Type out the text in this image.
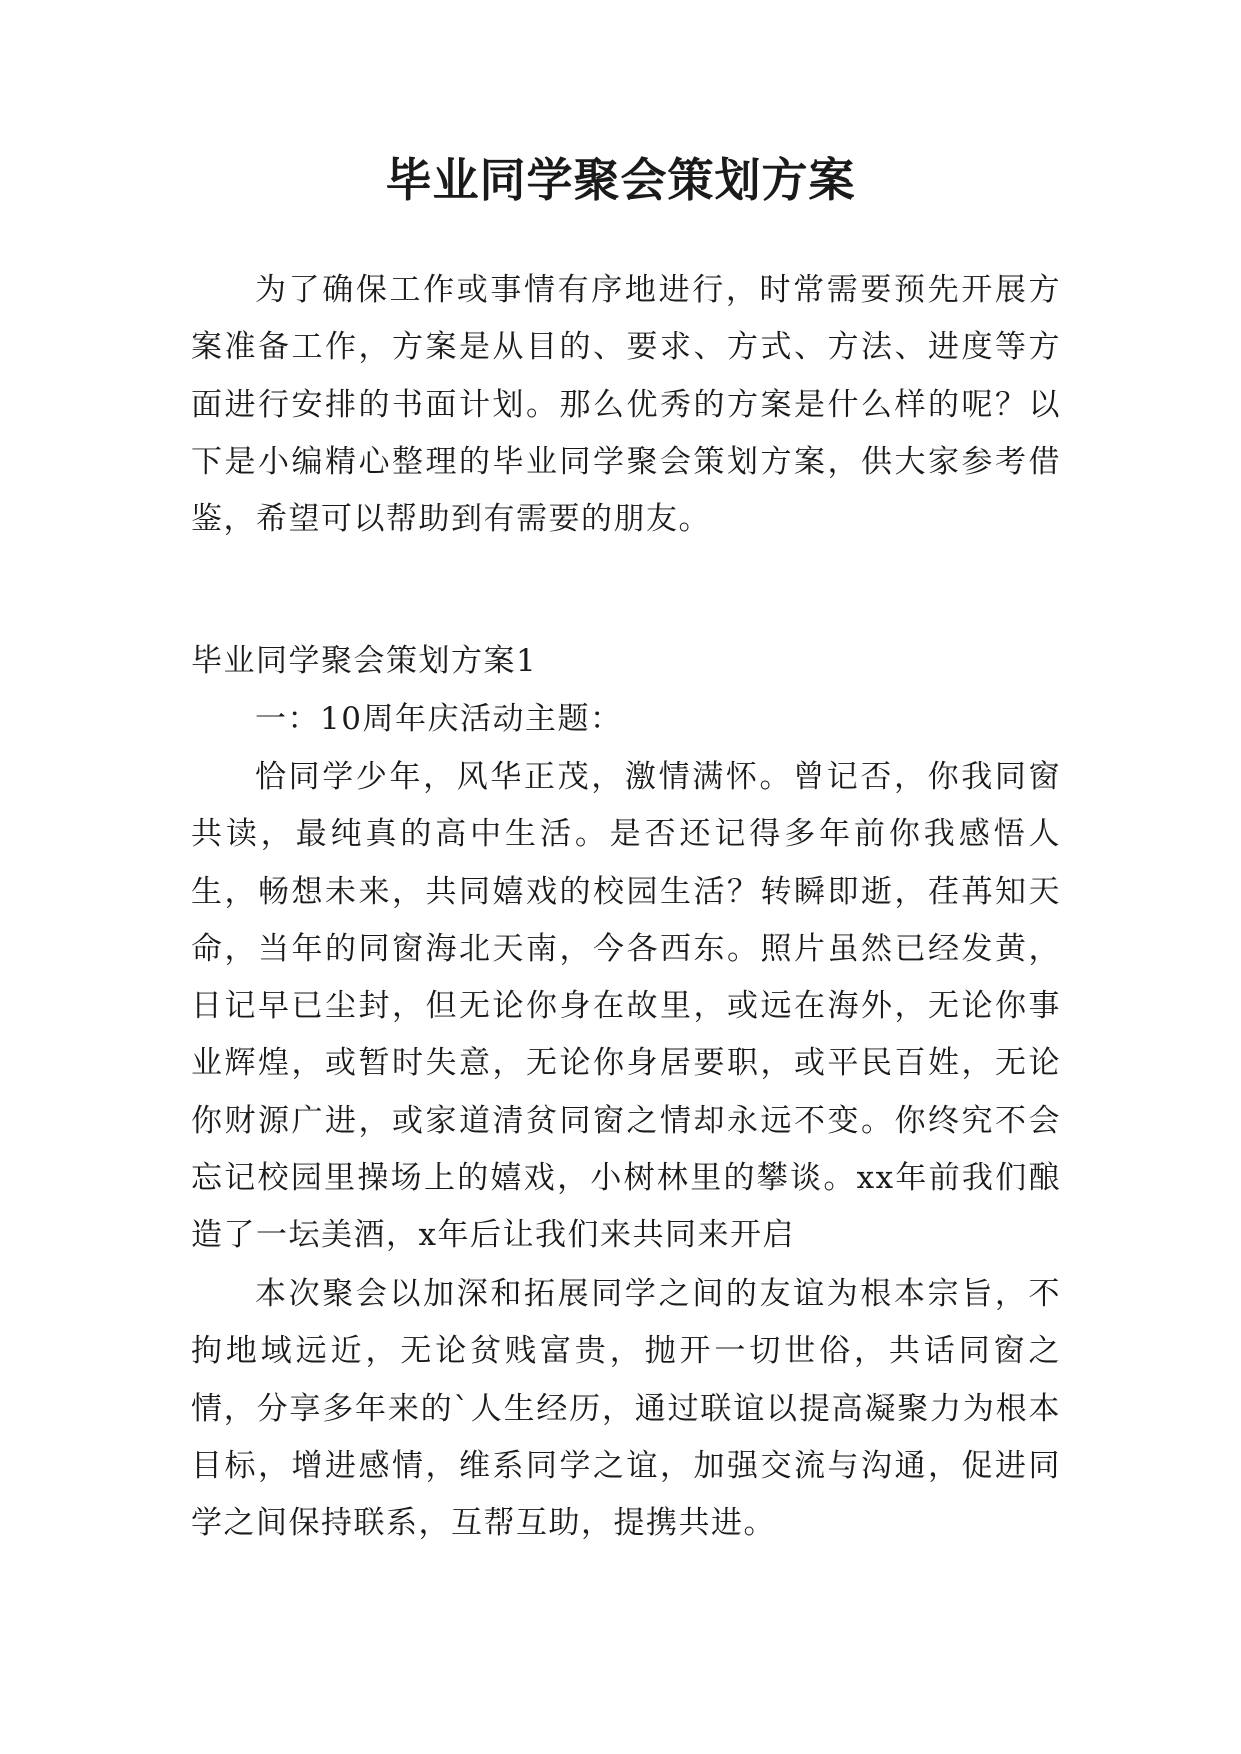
毕业同学聚会策划方案

为了确保工作或事情有序地进行，时常需要预先开展方案准备工作，方案是从目的、要求、方式、方法、进度等方面进行安排的书面计划。那么优秀的方案是什么样的呢？以下是小编精心整理的毕业同学聚会策划方案，供大家参考借鉴，希望可以帮助到有需要的朋友。

毕业同学聚会策划方案1

一：10周年庆活动主题：

恰同学少年，风华正茂，激情满怀。曾记否，你我同窗共读，最纯真的高中生活。是否还记得多年前你我感悟人生，畅想未来，共同嬉戏的校园生活？转瞬即逝，荏苒知天命，当年的同窗海北天南，今各西东。照片虽然已经发黄，日记早已尘封，但无论你身在故里，或远在海外，无论你事业辉煌，或暂时失意，无论你身居要职，或平民百姓，无论你财源广进，或家道清贫同窗之情却永远不变。你终究不会忘记校园里操场上的嬉戏，小树林里的攀谈。xx年前我们酿造了一坛美酒，x年后让我们来共同来开启

本次聚会以加深和拓展同学之间的友谊为根本宗旨，不拘地域远近，无论贫贱富贵，抛开一切世俗，共话同窗之情，分享多年来的`人生经历，通过联谊以提高凝聚力为根本目标，增进感情，维系同学之谊，加强交流与沟通，促进同学之间保持联系，互帮互助，提携共进。
